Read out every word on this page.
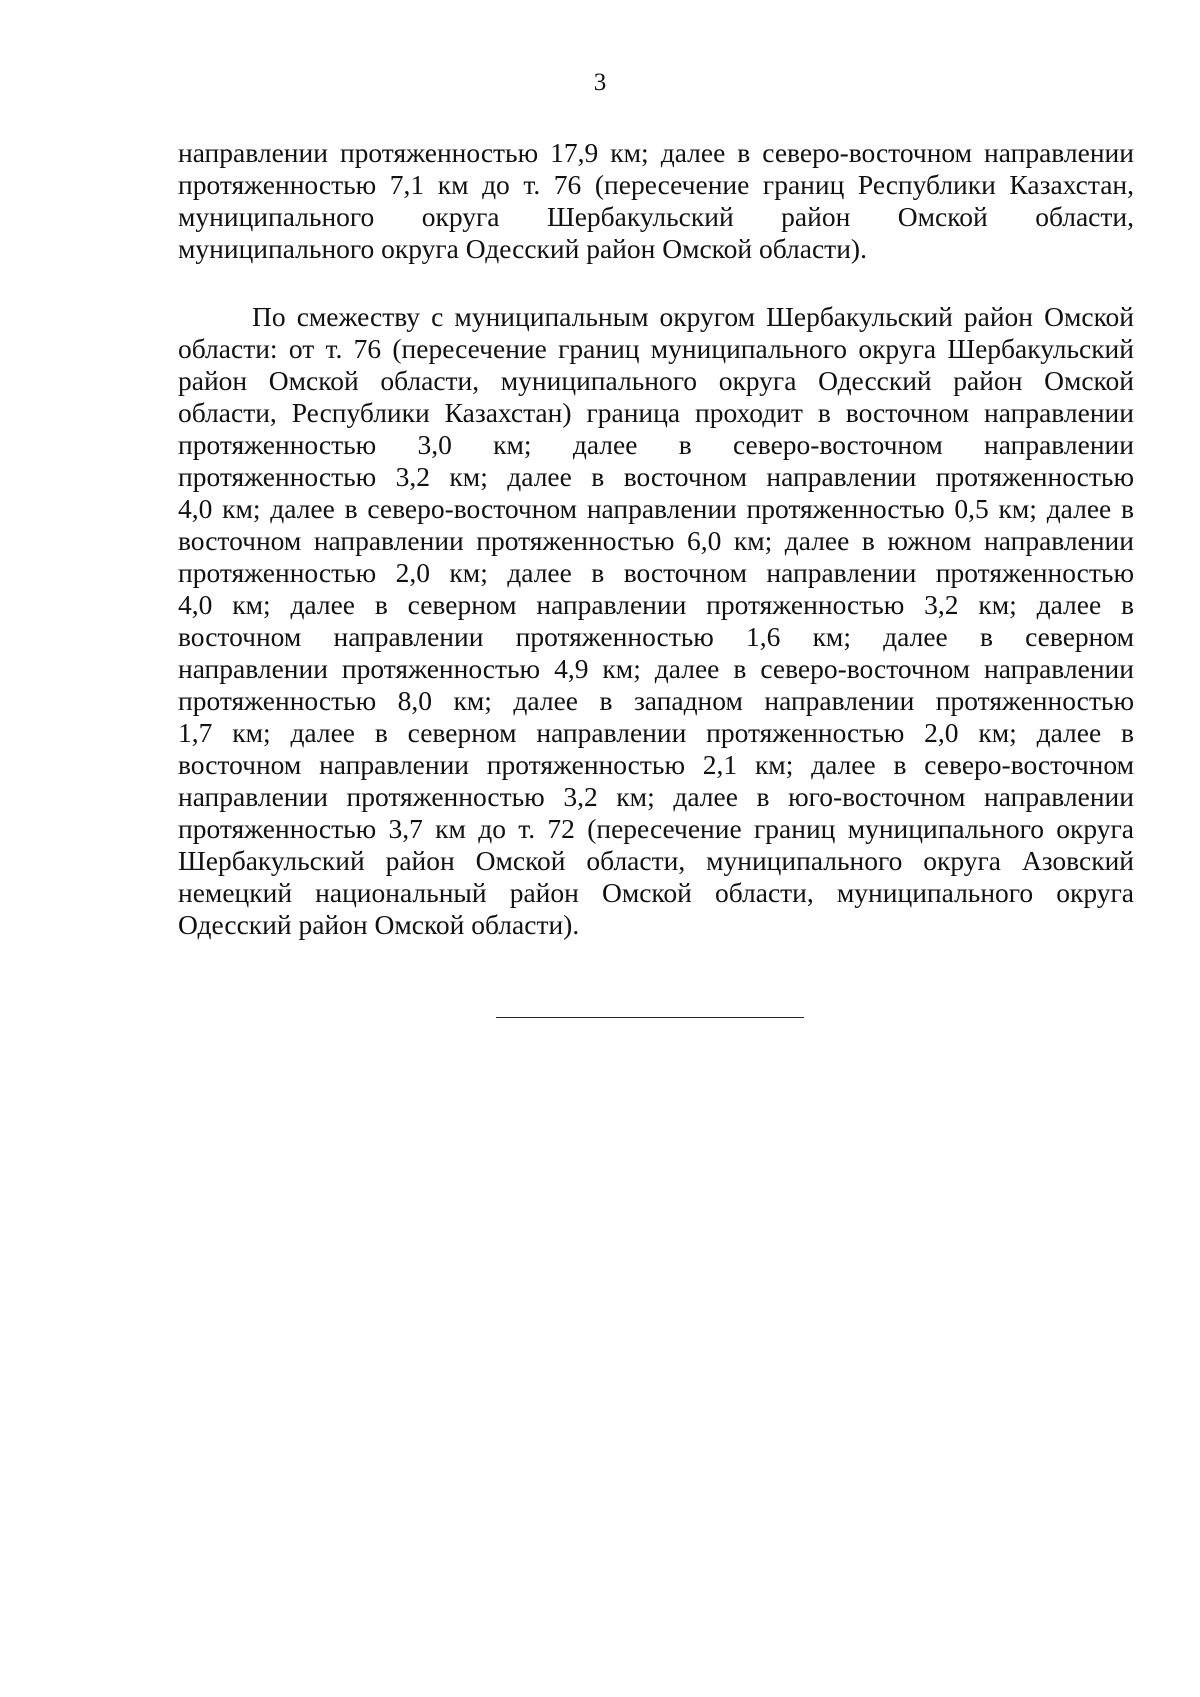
3
направлении протяженностью 17,9 км; далее в северо-восточном направлении
протяженностью 7,1 км до т. 76 (пересечение границ Республики Казахстан,
муниципального округа Шербакульский район Омской области,
муниципального округа Одесский район Омской области).
По смежеству с муниципальным округом Шербакульский район Омской
области: от т. 76 (пересечение границ муниципального округа Шербакульский
район Омской области, муниципального округа Одесский район Омской
области, Республики Казахстан) граница проходит в восточном направлении
протяженностью 3,0 км; далее в северо-восточном направлении
протяженностью 3,2 км; далее в восточном направлении протяженностью
4,0 км; далее в северо-восточном направлении протяженностью 0,5 км; далее в
восточном направлении протяженностью 6,0 км; далее в южном направлении
протяженностью 2,0 км; далее в восточном направлении протяженностью
4,0 км; далее в северном направлении протяженностью 3,2 км; далее в
восточном направлении протяженностью 1,6 км; далее в северном
направлении протяженностью 4,9 км; далее в северо-восточном направлении
протяженностью 8,0 км; далее в западном направлении протяженностью
1,7 км; далее в северном направлении протяженностью 2,0 км; далее в
восточном направлении протяженностью 2,1 км; далее в северо-восточном
направлении протяженностью 3,2 км; далее в юго-восточном направлении
протяженностью 3,7 км до т. 72 (пересечение границ муниципального округа
Шербакульский район Омской области, муниципального округа Азовский
немецкий национальный район Омской области, муниципального округа
Одесский район Омской области).
